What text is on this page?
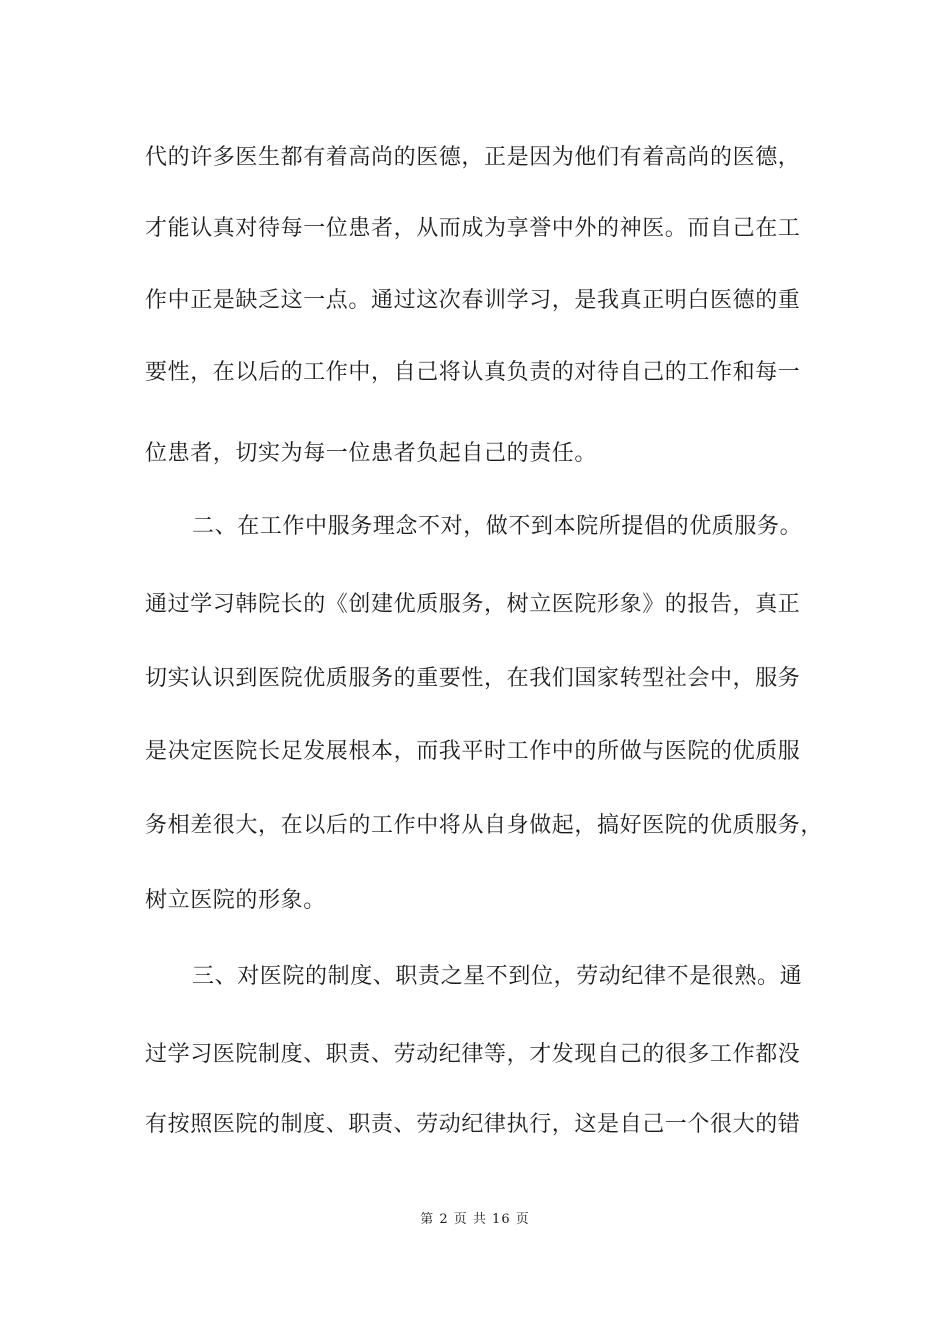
代的许多医生都有着高尚的医德，正是因为他们有着高尚的医德，
才能认真对待每一位患者，从而成为享誉中外的神医。而自己在工
作中正是缺乏这一点。通过这次春训学习，是我真正明白医德的重
要性，在以后的工作中，自己将认真负责的对待自己的工作和每一
位患者，切实为每一位患者负起自己的责任。
二、在工作中服务理念不对，做不到本院所提倡的优质服务。
通过学习韩院长的《创建优质服务，树立医院形象》的报告，真正
切实认识到医院优质服务的重要性，在我们国家转型社会中，服务
是决定医院长足发展根本，而我平时工作中的所做与医院的优质服
务相差很大，在以后的工作中将从自身做起，搞好医院的优质服务，
树立医院的形象。
三、对医院的制度、职责之星不到位，劳动纪律不是很熟。通
过学习医院制度、职责、劳动纪律等，才发现自己的很多工作都没
有按照医院的制度、职责、劳动纪律执行，这是自己一个很大的错
第 2 页 共 16 页
